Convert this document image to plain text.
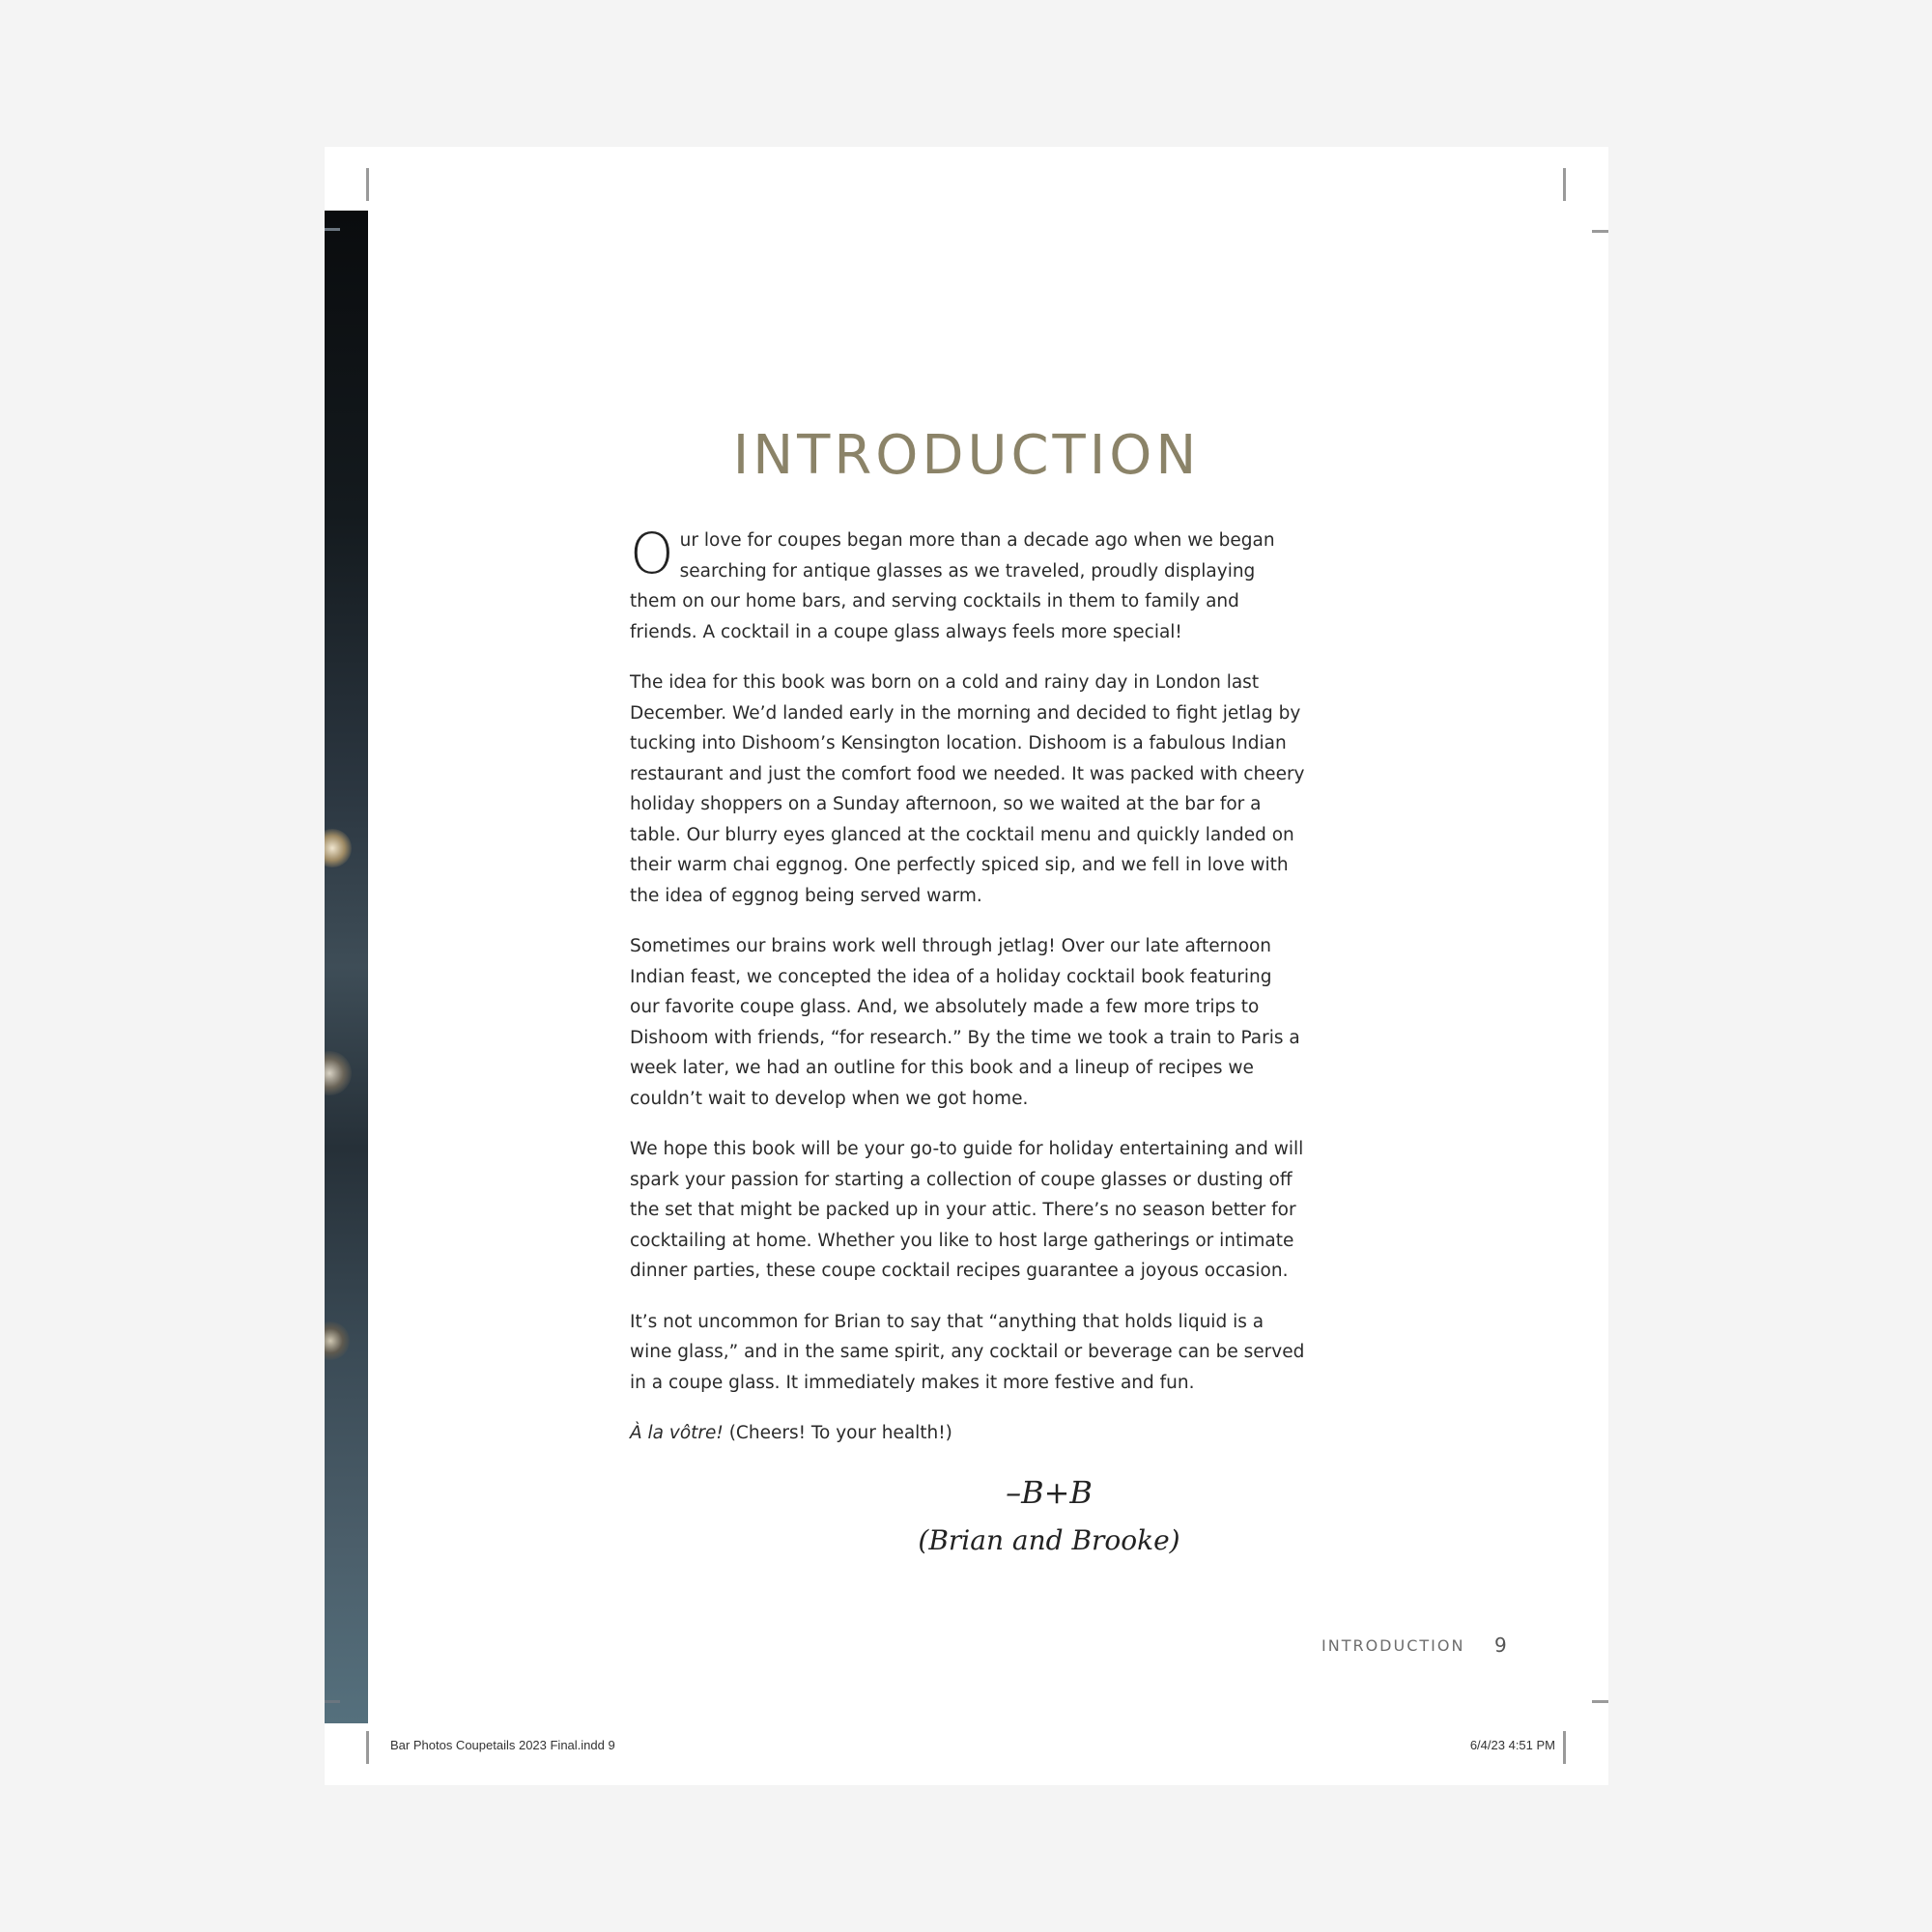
INTRODUCTION

Our love for coupes began more than a decade ago when we began searching for antique glasses as we traveled, proudly displaying them on our home bars, and serving cocktails in them to family and friends. A cocktail in a coupe glass always feels more special!

The idea for this book was born on a cold and rainy day in London last December. We’d landed early in the morning and decided to fight jetlag by tucking into Dishoom’s Kensington location. Dishoom is a fabulous Indian restaurant and just the comfort food we needed. It was packed with cheery holiday shoppers on a Sunday afternoon, so we waited at the bar for a table. Our blurry eyes glanced at the cocktail menu and quickly landed on their warm chai eggnog. One perfectly spiced sip, and we fell in love with the idea of eggnog being served warm.

Sometimes our brains work well through jetlag! Over our late afternoon Indian feast, we concepted the idea of a holiday cocktail book featuring our favorite coupe glass. And, we absolutely made a few more trips to Dishoom with friends, “for research.” By the time we took a train to Paris a week later, we had an outline for this book and a lineup of recipes we couldn’t wait to develop when we got home.

We hope this book will be your go-to guide for holiday entertaining and will spark your passion for starting a collection of coupe glasses or dusting off the set that might be packed up in your attic. There’s no season better for cocktailing at home. Whether you like to host large gatherings or intimate dinner parties, these coupe cocktail recipes guarantee a joyous occasion.

It’s not uncommon for Brian to say that “anything that holds liquid is a wine glass,” and in the same spirit, any cocktail or beverage can be served in a coupe glass. It immediately makes it more festive and fun.

À la vôtre! (Cheers! To your health!)

–B+B
(Brian and Brooke)
INTRODUCTION 9
Bar Photos Coupetails 2023 Final.indd 9	6/4/23 4:51 PM
